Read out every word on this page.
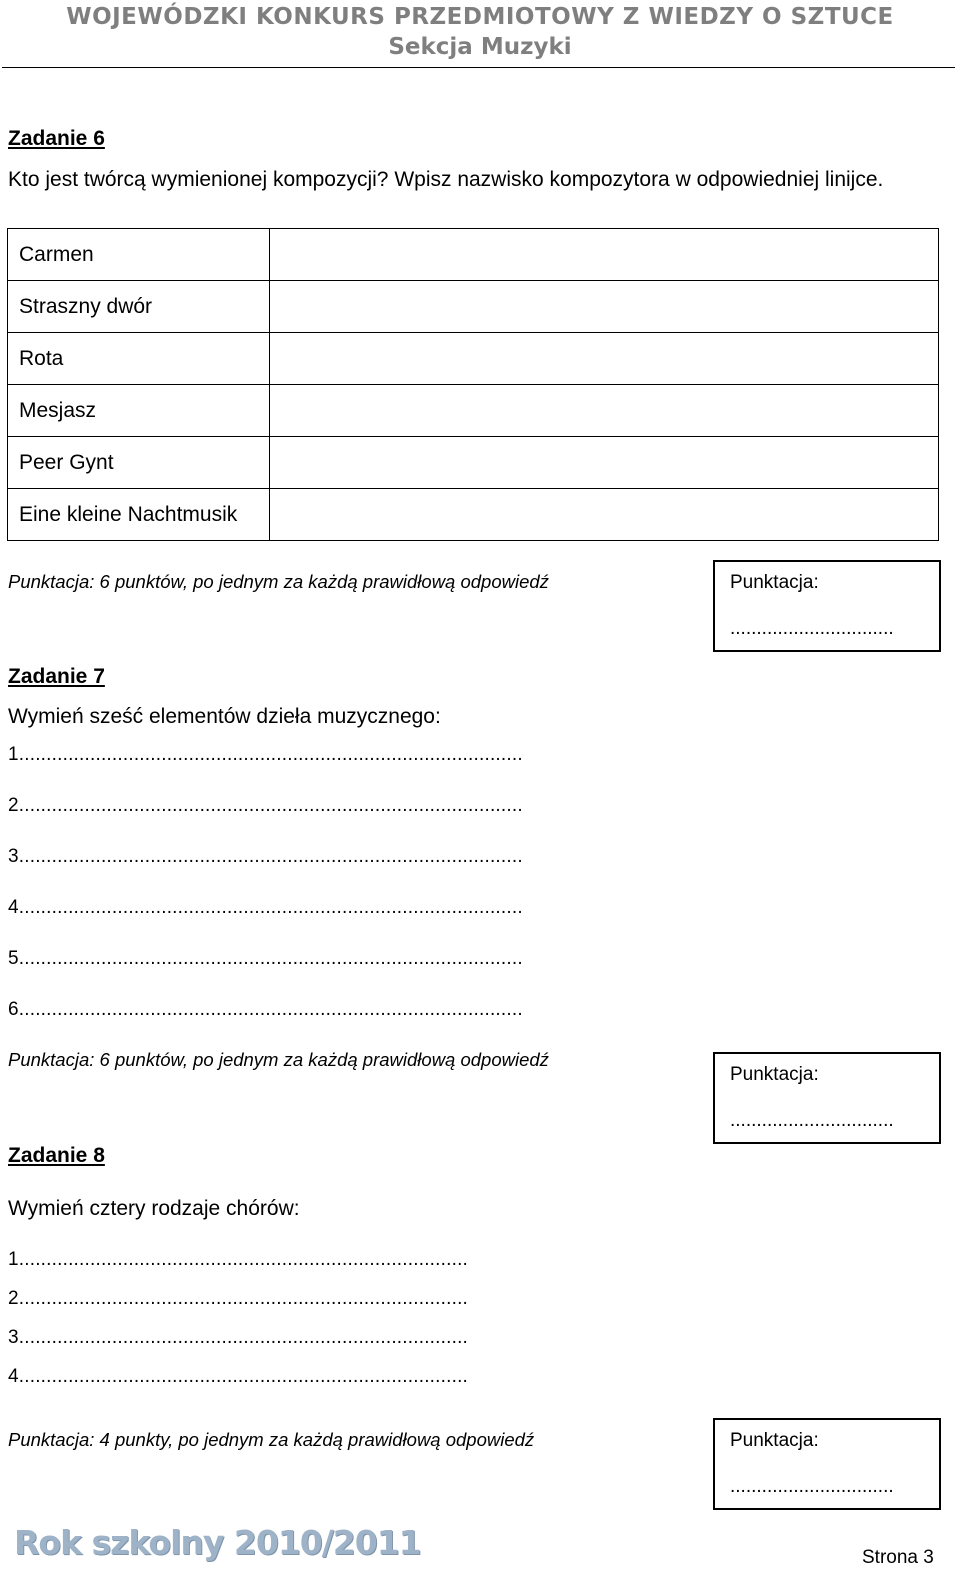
WOJEWÓDZKI KONKURS PRZEDMIOTOWY Z WIEDZY O SZTUCE
Sekcja Muzyki
Zadanie 6
Kto jest twórcą wymienionej kompozycji? Wpisz nazwisko kompozytora w odpowiedniej linijce.
Carmen	
Straszny dwór	
Rota	
Mesjasz	
Peer Gynt	
Eine kleine Nachtmusik	
Punktacja: 6 punktów, po jednym za każdą prawidłową odpowiedź	Punktacja:
...............................
Zadanie 7
Wymień sześć elementów dzieła muzycznego:
1............................................................................................
2............................................................................................
3............................................................................................
4............................................................................................
5............................................................................................
6............................................................................................
Punktacja: 6 punktów, po jednym za każdą prawidłową odpowiedź
Punktacja:
...............................
Zadanie 8
Wymień cztery rodzaje chórów:
1..................................................................................
2..................................................................................
3..................................................................................
4..................................................................................
Punktacja: 4 punkty, po jednym za każdą prawidłową odpowiedź	Punktacja:
...............................
Rok szkolny 2010/2011	Strona 3
